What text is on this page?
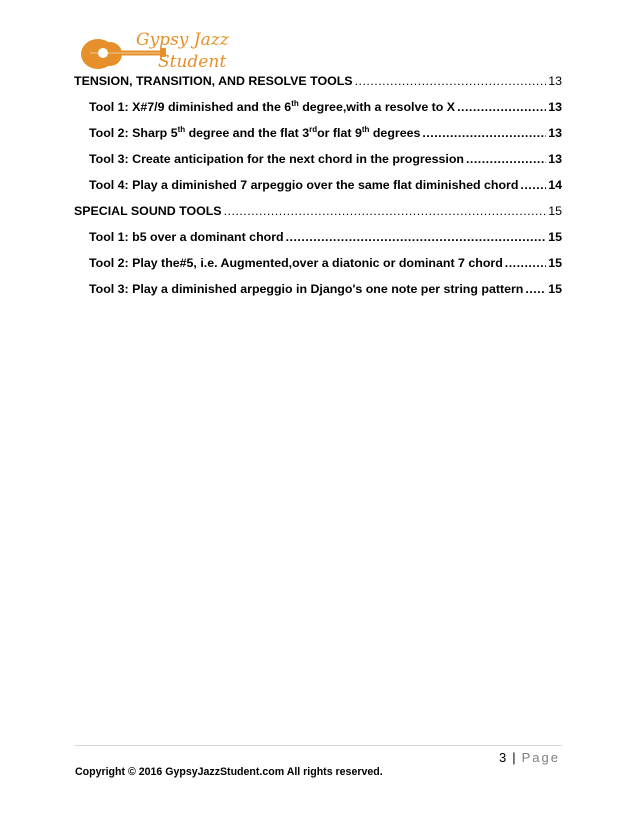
Gypsy Jazz
Student
TENSION, TRANSITION, AND RESOLVE TOOLS .....	13
Tool 1: X#7/9 diminished and the 6th degree,with a resolve to X .....	13
Tool 2: Sharp 5th degree and the flat 3rdor flat 9th degrees .....	13
Tool 3: Create anticipation for the next chord in the progression .....	13
Tool 4: Play a diminished 7 arpeggio over the same flat diminished chord ..... 14
SPECIAL SOUND TOOLS .....	15
Tool 1: b5 over a dominant chord .....	15
Tool 2: Play the#5, i.e. Augmented,over a diatonic or dominant 7 chord .....	15
Tool 3: Play a diminished arpeggio in Django's one note per string pattern ..... 15
3 | Page
Copyright © 2016 GypsyJazzStudent.com All rights reserved.
